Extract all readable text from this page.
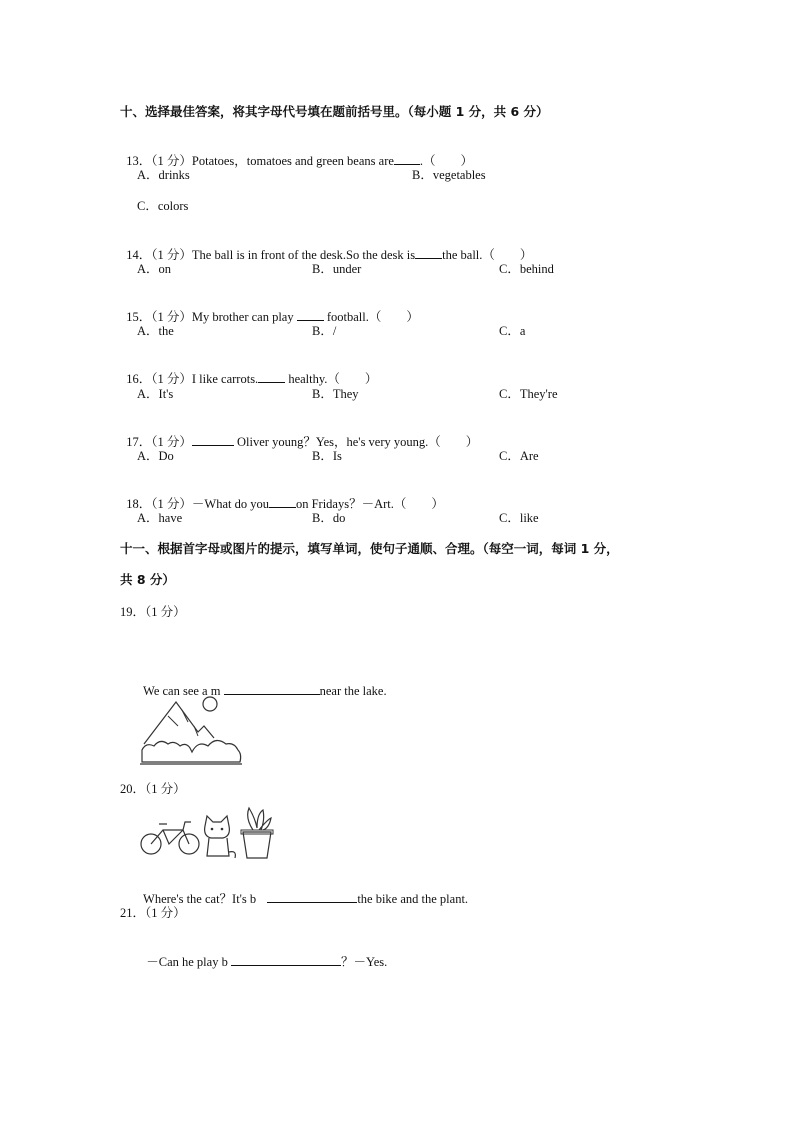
十、选择最佳答案，将其字母代号填在题前括号里。（每小题 1 分，共 6 分）

13．（1 分）Potatoes，tomatoes and green beans are .（　　）

A．drinks	B．vegetables
C．colors

14．（1 分）The ball is in front of the desk.So the desk is the ball.（　　）

A．on	B．under	C．behind

15．（1 分）My brother can play  football.（　　）

A．the	B．/	C．a

16．（1 分）I like carrots. healthy.（　　）

A．It's	B．They	C．They're

17．（1 分）	Oliver young？Yes，he's very young.（　　）

A．Do	B．Is	C．Are

18．（1 分）－What do you on Fridays？－Art.（　　）

A．have	B．do	C．like
十一、根据首字母或图片的提示，填写单词，使句子通顺、合理。（每空一词，每词 1 分，
共 8 分）
19．（1 分）

We can see a m	near the lake.

20．（1 分）

Where's the cat？It's b	the bike and the plant.

21．（1 分）

－Can he play b	？－Yes.
